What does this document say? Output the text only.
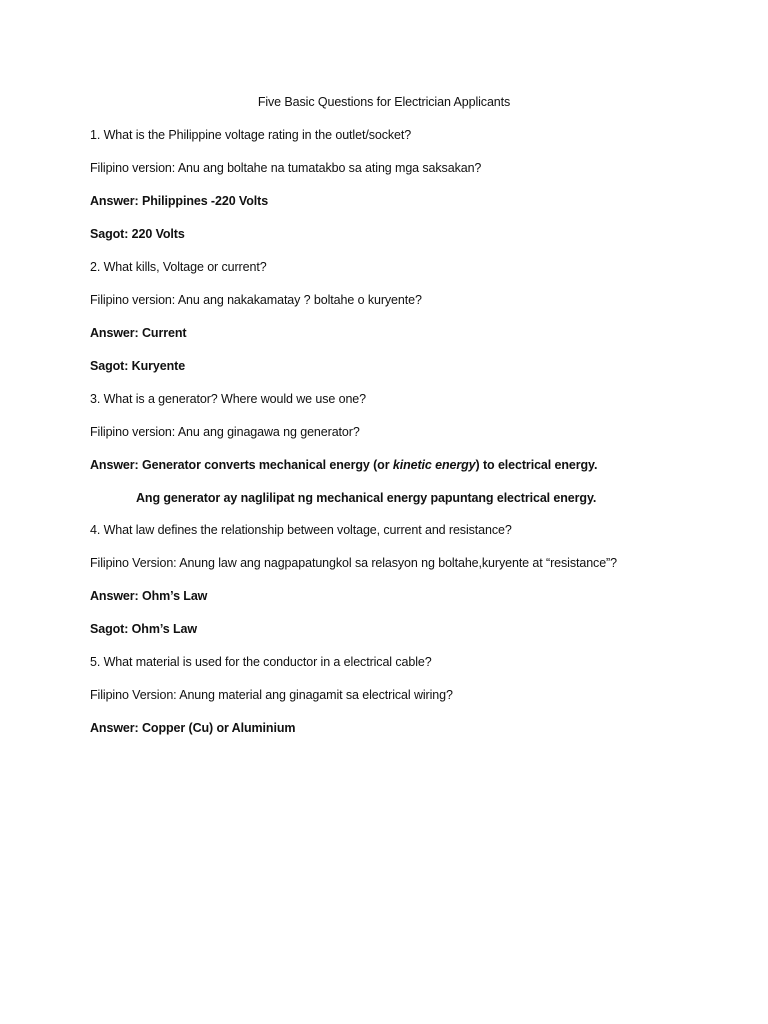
Five Basic Questions for Electrician Applicants
1. What is the Philippine voltage rating in the outlet/socket?
Filipino version: Anu ang boltahe na tumatakbo sa ating mga saksakan?
Answer: Philippines -220 Volts
Sagot: 220 Volts
2. What kills, Voltage or current?
Filipino version: Anu ang nakakamatay ? boltahe o kuryente?
Answer: Current
Sagot: Kuryente
3. What is a generator? Where would we use one?
Filipino version: Anu ang ginagawa ng generator?
Answer: Generator converts mechanical energy (or kinetic energy) to electrical energy.
Ang generator ay naglilipat ng mechanical energy papuntang electrical energy.
4. What law defines the relationship between voltage, current and resistance?
Filipino Version: Anung law ang nagpapatungkol sa relasyon ng boltahe,kuryente at “resistance”?
Answer: Ohm’s Law
Sagot: Ohm’s Law
5. What material is used for the conductor in a electrical cable?
Filipino Version: Anung material ang ginagamit sa electrical wiring?
Answer: Copper (Cu) or Aluminium
